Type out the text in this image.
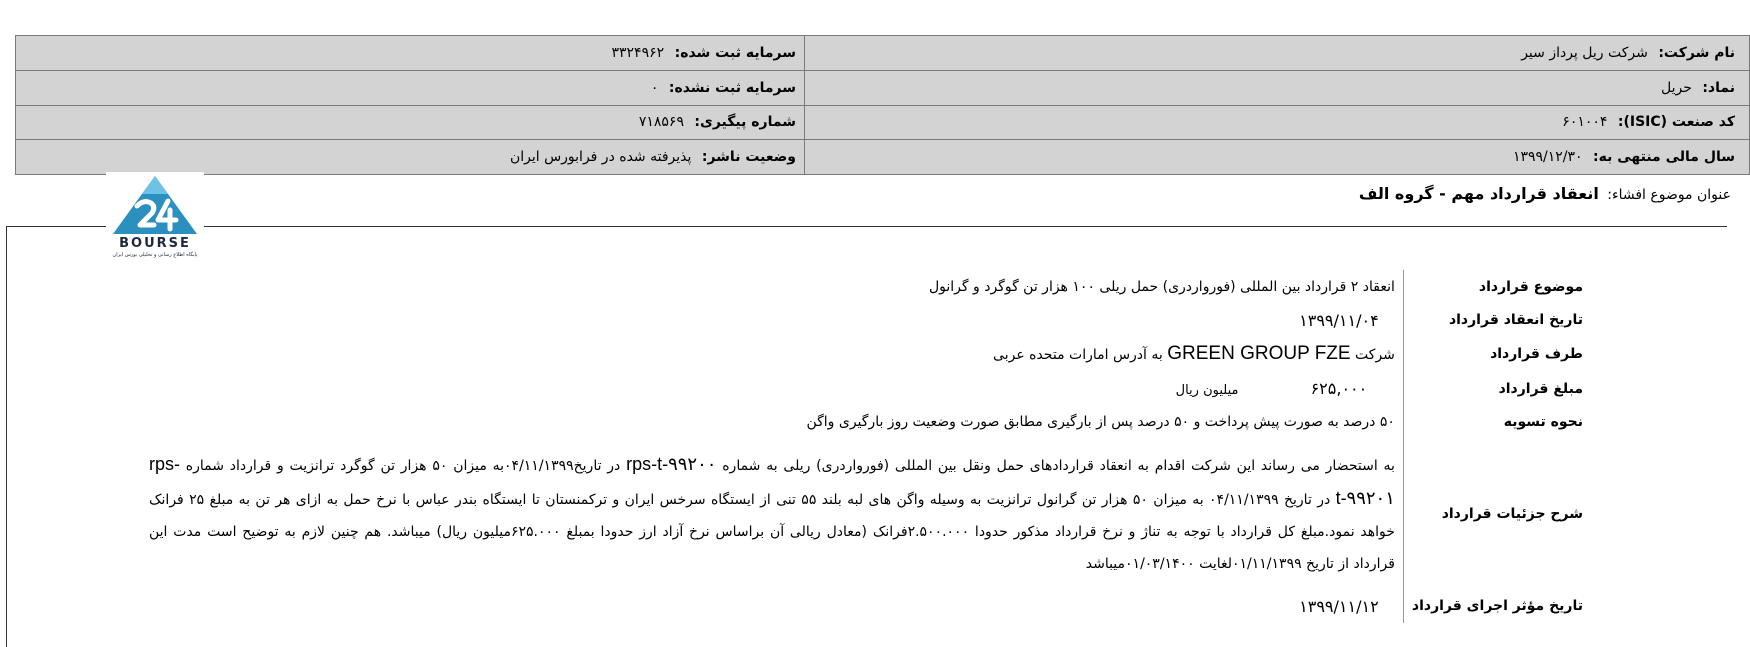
نام شرکت: شرکت ریل پرداز سیر	سرمایه ثبت شده: ۳۳۲۴۹۶۲
نماد: حریل	سرمایه ثبت نشده: ۰
کد صنعت (ISIC): ۶۰۱۰۰۴	شماره پیگیری: ۷۱۸۵۶۹
سال مالی منتهی به: ۱۳۹۹/۱۲/۳۰	وضعیت ناشر: پذیرفته شده در فرابورس ایران
عنوان موضوع افشاء: انعقاد قرارداد مهم - گروه الف
BOURSE
پایگاه اطلاع رسانی و تحلیلی بورس ایران
موضوع قرارداد	انعقاد ۲ قرارداد بین المللی (فورواردری) حمل ریلی ۱۰۰ هزار تن گوگرد و گرانول
تاریخ انعقاد قرارداد	۱۳۹۹/۱۱/۰۴
طرف قرارداد	شرکت GREEN GROUP FZE به آدرس امارات متحده عربی
مبلغ قرارداد	۶۲۵,۰۰۰ میلیون ریال
نحوه تسویه	۵۰ درصد به صورت پیش پرداخت و ۵۰ درصد پس از بارگیری مطابق صورت وضعیت روز بارگیری واگن
شرح جزئیات قرارداد	به استحضار می رساند این شرکت اقدام به انعقاد قراردادهای حمل ونقل بین المللی (فورواردری) ریلی به شماره rps-t-۹۹۲۰۰ در تاریخ۰۴/۱۱/۱۳۹۹به میزان ۵۰ هزار تن گوگرد ترانزیت و قرارداد شماره rps-t-۹۹۲۰۱ در تاریخ ۰۴/۱۱/۱۳۹۹ به میزان ۵۰ هزار تن گرانول ترانزیت به وسیله واگن های لبه بلند ۵۵ تنی از ایستگاه سرخس ایران و ترکمنستان تا ایستگاه بندر عباس با نرخ حمل به ازای هر تن به مبلغ ۲۵ فرانک خواهد نمود.مبلغ کل قرارداد با توجه به تناژ و نرخ قرارداد مذکور حدودا ۲.۵۰۰.۰۰۰فرانک (معادل ریالی آن براساس نرخ آزاد ارز حدودا بمبلغ ۶۲۵.۰۰۰میلیون ریال) میباشد. هم چنین لازم به توضیح است مدت این قرارداد از تاریخ ۰۱/۱۱/۱۳۹۹لغایت ۰۱/۰۳/۱۴۰۰میباشد
تاریخ مؤثر اجرای قرارداد	۱۳۹۹/۱۱/۱۲
